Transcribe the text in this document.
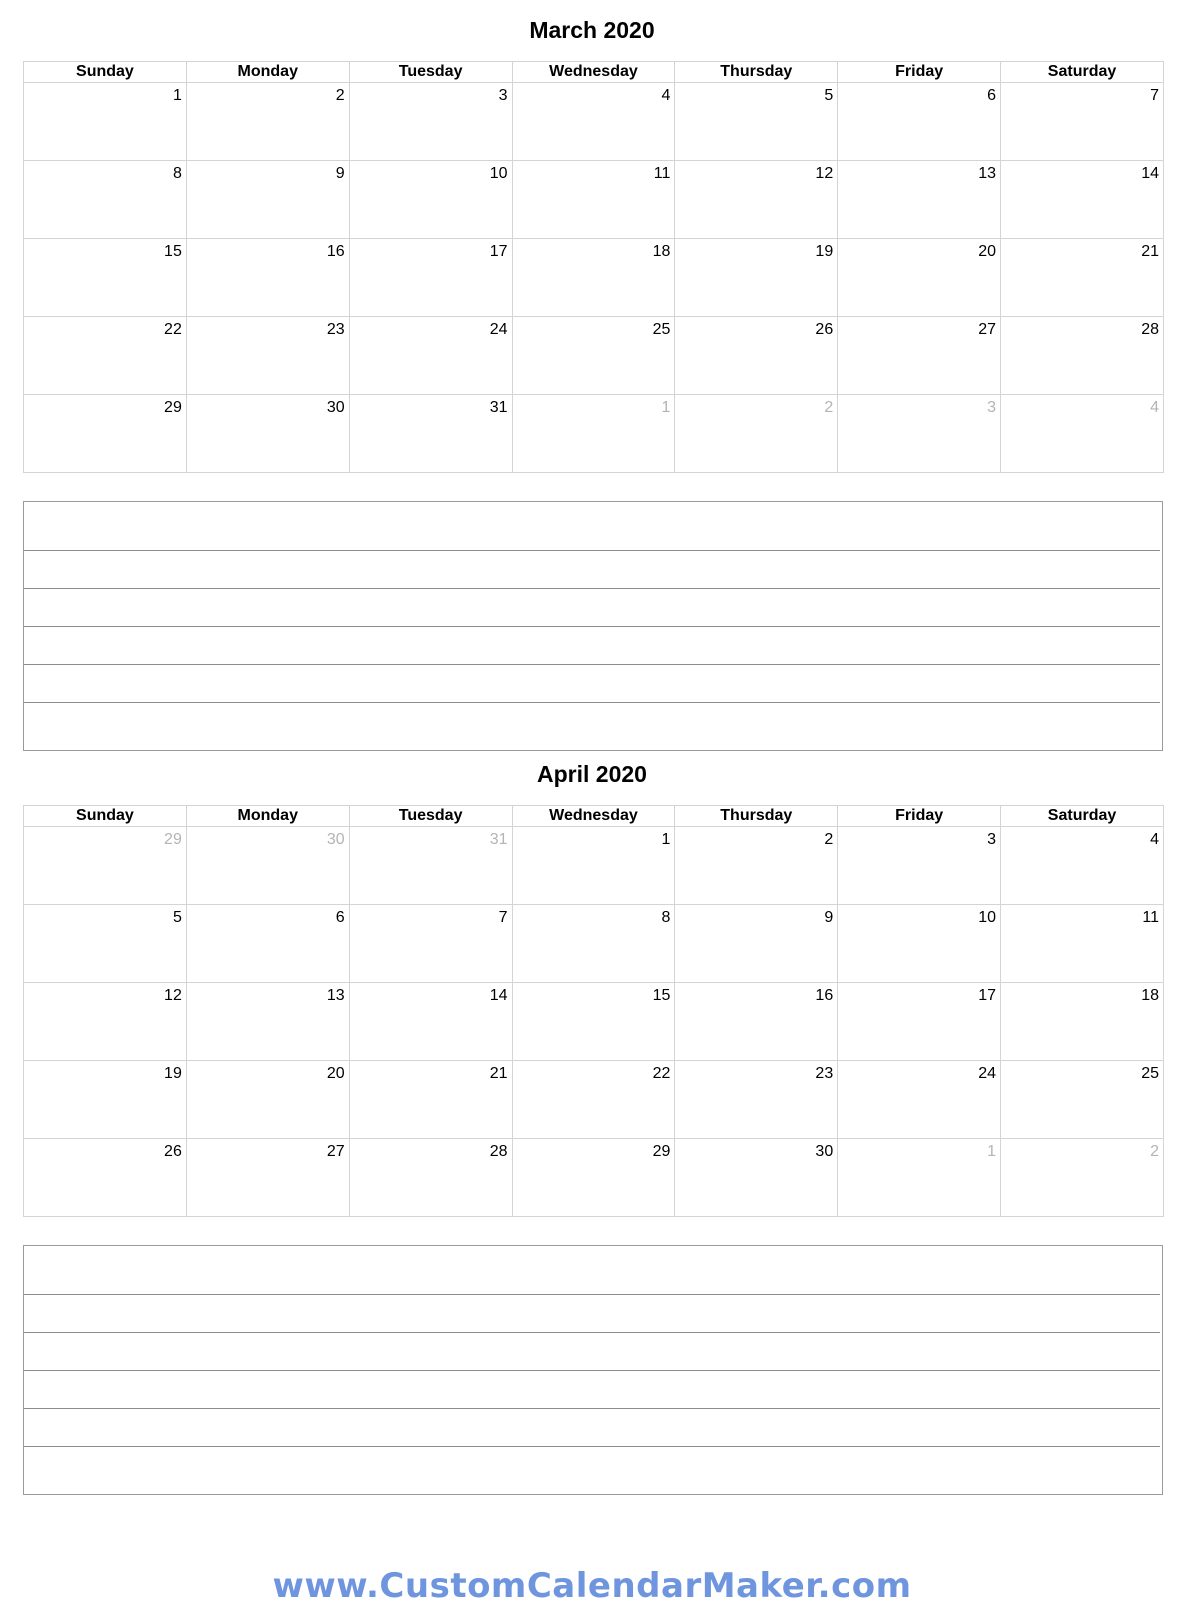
March 2020
Sunday	Monday	Tuesday	Wednesday	Thursday	Friday	Saturday

1	2	3	4	5	6	7

8	9	10	11	12	13	14

15	16	17	18	19	20	21

22	23	24	25	26	27	28

29	30	31	1	2	3	4
April 2020
Sunday	Monday	Tuesday	Wednesday	Thursday	Friday	Saturday

29	30	31	1	2	3	4

5	6	7	8	9	10	11

12	13	14	15	16	17	18

19	20	21	22	23	24	25

26	27	28	29	30	1	2
www.CustomCalendarMaker.com
